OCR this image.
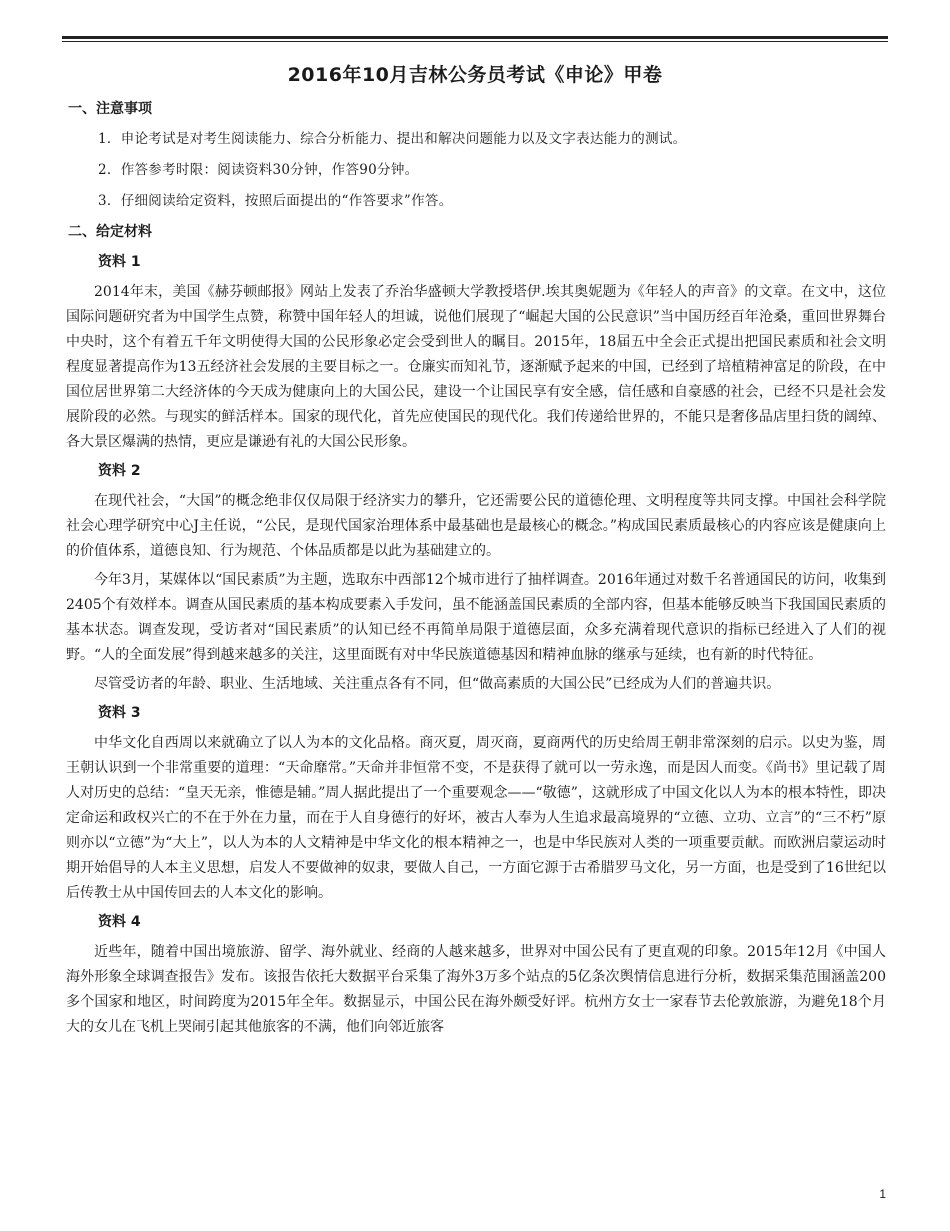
2016年10月吉林公务员考试《申论》甲卷

一、注意事项

1．申论考试是对考生阅读能力、综合分析能力、提出和解决问题能力以及文字表达能力的测试。

2．作答参考时限：阅读资料30分钟，作答90分钟。

3．仔细阅读给定资料，按照后面提出的“作答要求”作答。

二、给定材料

资料 1

2014年末，美国《赫芬顿邮报》网站上发表了乔治华盛顿大学教授塔伊.埃其奥妮题为《年轻人的声音》的文章。在文中，这位国际问题研究者为中国学生点赞，称赞中国年轻人的坦诚，说他们展现了“崛起大国的公民意识”当中国历经百年沧桑，重回世界舞台中央时，这个有着五千年文明使得大国的公民形象必定会受到世人的瞩目。2015年，18届五中全会正式提出把国民素质和社会文明程度显著提高作为13五经济社会发展的主要目标之一。仓廉实而知礼节，逐渐赋予起来的中国，已经到了培植精神富足的阶段，在中国位居世界第二大经济体的今天成为健康向上的大国公民，建设一个让国民享有安全感，信任感和自豪感的社会，已经不只是社会发展阶段的必然。与现实的鲜活样本。国家的现代化，首先应使国民的现代化。我们传递给世界的，不能只是奢侈品店里扫货的阔绰、各大景区爆满的热情，更应是谦逊有礼的大国公民形象。

资料 2

在现代社会，“大国”的概念绝非仅仅局限于经济实力的攀升，它还需要公民的道德伦理、文明程度等共同支撑。中国社会科学院社会心理学研究中心J主任说，“公民，是现代国家治理体系中最基础也是最核心的概念。”构成国民素质最核心的内容应该是健康向上的价值体系，道德良知、行为规范、个体品质都是以此为基础建立的。

今年3月，某媒体以“国民素质”为主题，选取东中西部12个城市进行了抽样调查。2016年通过对数千名普通国民的访问，收集到2405个有效样本。调查从国民素质的基本构成要素入手发问，虽不能涵盖国民素质的全部内容，但基本能够反映当下我国国民素质的基本状态。调查发现，受访者对“国民素质”的认知已经不再简单局限于道德层面，众多充满着现代意识的指标已经进入了人们的视野。“人的全面发展”得到越来越多的关注，这里面既有对中华民族道德基因和精神血脉的继承与延续，也有新的时代特征。

尽管受访者的年龄、职业、生活地域、关注重点各有不同，但“做高素质的大国公民”已经成为人们的普遍共识。

资料 3

中华文化自西周以来就确立了以人为本的文化品格。商灭夏，周灭商，夏商两代的历史给周王朝非常深刻的启示。以史为鉴，周王朝认识到一个非常重要的道理：“天命靡常。”天命并非恒常不变，不是获得了就可以一劳永逸，而是因人而变。《尚书》里记载了周人对历史的总结：“皇天无亲，惟德是辅。”周人据此提出了一个重要观念——“敬德”，这就形成了中国文化以人为本的根本特性，即决定命运和政权兴亡的不在于外在力量，而在于人自身德行的好坏，被古人奉为人生追求最高境界的“立德、立功、立言”的“三不朽”原则亦以“立德”为“大上”，以人为本的人文精神是中华文化的根本精神之一，也是中华民族对人类的一项重要贡献。而欧洲启蒙运动时期开始倡导的人本主义思想，启发人不要做神的奴隶，要做人自己，一方面它源于古希腊罗马文化，另一方面，也是受到了16世纪以后传教士从中国传回去的人本文化的影响。

资料 4

近些年，随着中国出境旅游、留学、海外就业、经商的人越来越多，世界对中国公民有了更直观的印象。2015年12月《中国人海外形象全球调查报告》发布。该报告依托大数据平台采集了海外3万多个站点的5亿条次舆情信息进行分析，数据采集范围涵盖200多个国家和地区，时间跨度为2015年全年。数据显示，中国公民在海外颇受好评。杭州方女士一家春节去伦敦旅游，为避免18个月大的女儿在飞机上哭闹引起其他旅客的不满，他们向邻近旅客

1
